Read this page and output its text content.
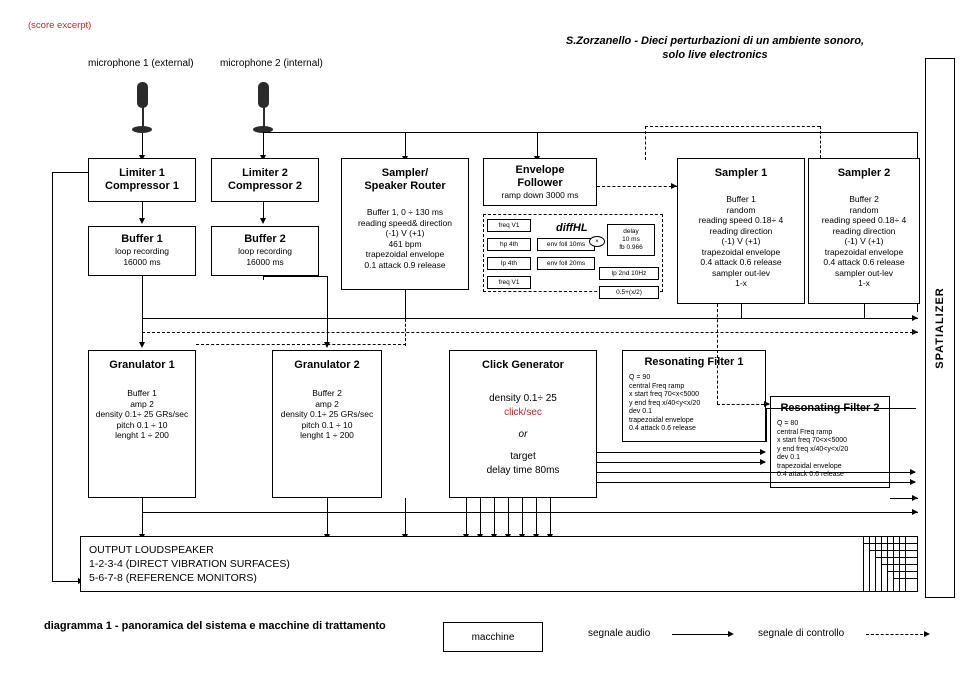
(score excerpt)
S.Zorzanello - Dieci perturbazioni di un ambiente sonoro,
solo live electronics
microphone 1 (external)	microphone 2 (internal)
Limiter 1
Compressor 1
Limiter 2
Compressor 2
Sampler/
Speaker Router
Buffer 1, 0 ÷ 130 ms
reading speed& direction
(-1) V (+1)
461 bpm
trapezoidal envelope
0.1 attack 0.9 release
Envelope
Follower
ramp down 3000 ms
diffHL
freq V1
hp 4th
lp 4th
freq V1
env foll 10ms
env foll 20ms
lp 2nd 10Hz
delay
10 ms
fb 0.966
0.5+(x/2)
×
Sampler 1
Buffer 1
random
reading speed 0.18÷ 4
reading direction
(-1) V (+1)
trapezoidal envelope
0.4 attack 0.6 release
sampler out-lev
1-x
Sampler 2
Buffer 2
random
reading speed 0.18÷ 4
reading direction
(-1) V (+1)
trapezoidal envelope
0.4 attack 0.6 release
sampler out-lev
1-x
Buffer 1
loop recording
16000 ms
Buffer 2
loop recording
16000 ms
Granulator 1
Buffer 1
amp 2
density 0.1÷ 25 GRs/sec
pitch 0.1 ÷ 10
lenght 1 ÷ 200
Granulator 2
Buffer 2
amp 2
density 0.1÷ 25 GRs/sec
pitch 0.1 ÷ 10
lenght 1 ÷ 200
Click Generator
density 0.1÷ 25
click/sec
or
target
delay time 80ms
Resonating Filter 1
Q = 90
central Freq ramp
x start freq 70<x<5000
y end freq x/40<y<x/20
dev 0.1
trapezoidal envelope
0.4 attack 0.6 release
Resonating Filter 2
Q = 80
central Freq ramp
x start freq 70<x<5000
y end freq x/40<y<x/20
dev 0.1
trapezoidal envelope
0.4 attack 0.6 release
OUTPUT LOUDSPEAKER
1-2-3-4 (DIRECT VIBRATION SURFACES)
5-6-7-8 (REFERENCE MONITORS)
SPATIALIZER
diagramma 1 - panoramica del sistema e macchine di trattamento
macchine	segnale audio	segnale di controllo
